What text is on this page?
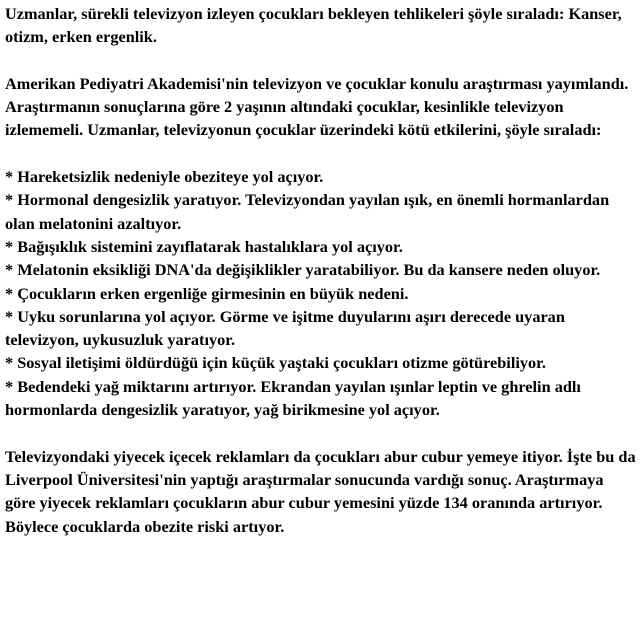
Uzmanlar, sürekli televizyon izleyen çocukları bekleyen tehlikeleri şöyle sıraladı: Kanser, otizm, erken ergenlik.
Amerikan Pediyatri Akademisi'nin televizyon ve çocuklar konulu araştırması yayımlandı. Araştırmanın sonuçlarına göre 2 yaşının altındaki çocuklar, kesinlikle televizyon izlememeli. Uzmanlar, televizyonun çocuklar üzerindeki kötü etkilerini, şöyle sıraladı:
* Hareketsizlik nedeniyle obeziteye yol açıyor.
* Hormonal dengesizlik yaratıyor. Televizyondan yayılan ışık, en önemli hormanlardan olan melatonini azaltıyor.
* Bağışıklık sistemini zayıflatarak hastalıklara yol açıyor.
* Melatonin eksikliği DNA'da değişiklikler yaratabiliyor. Bu da kansere neden oluyor.
* Çocukların erken ergenliğe girmesinin en büyük nedeni.
* Uyku sorunlarına yol açıyor. Görme ve işitme duyularını aşırı derecede uyaran televizyon, uykusuzluk yaratıyor.
* Sosyal iletişimi öldürdüğü için küçük yaştaki çocukları otizme götürebiliyor.
* Bedendeki yağ miktarını artırıyor. Ekrandan yayılan ışınlar leptin ve ghrelin adlı hormonlarda dengesizlik yaratıyor, yağ birikmesine yol açıyor.
Televizyondaki yiyecek içecek reklamları da çocukları abur cubur yemeye itiyor. İşte bu da Liverpool Üniversitesi'nin yaptığı araştırmalar sonucunda vardığı sonuç. Araştırmaya göre yiyecek reklamları çocukların abur cubur yemesini yüzde 134 oranında artırıyor. Böylece çocuklarda obezite riski artıyor.
